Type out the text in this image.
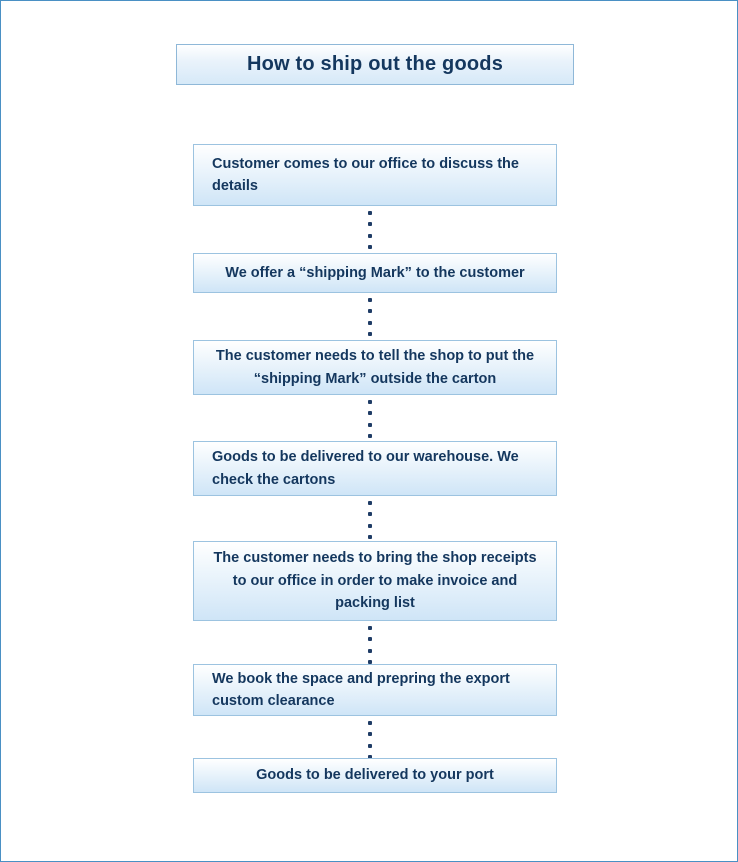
How to ship out the goods
Customer comes to our office to discuss the details
We offer a “shipping Mark” to the customer
The customer needs to tell the shop to put the “shipping Mark” outside the carton
Goods to be delivered to our warehouse. We check the cartons
The customer needs to bring the shop receipts to our office in order to make invoice and packing list
We book the space and prepring the export custom clearance
Goods to be delivered to your port
